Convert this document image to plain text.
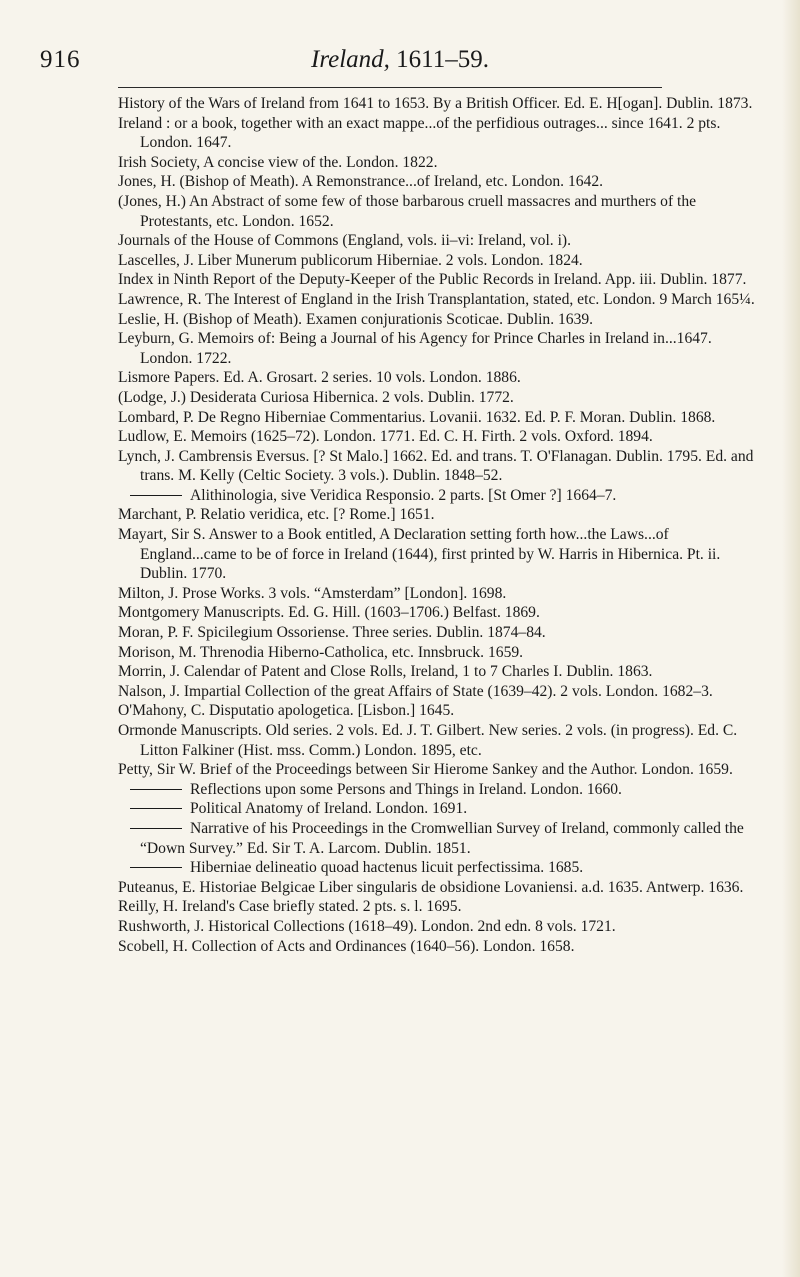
916	Ireland, 1611–59.

History of the Wars of Ireland from 1641 to 1653. By a British Officer. Ed. E. H[ogan]. Dublin. 1873.

Ireland : or a book, together with an exact mappe...of the perfidious outrages... since 1641. 2 pts. London. 1647.

Irish Society, A concise view of the. London. 1822.

Jones, H. (Bishop of Meath). A Remonstrance...of Ireland, etc. London. 1642.

(Jones, H.) An Abstract of some few of those barbarous cruell massacres and murthers of the Protestants, etc. London. 1652.

Journals of the House of Commons (England, vols. ii–vi: Ireland, vol. i).

Lascelles, J. Liber Munerum publicorum Hiberniae. 2 vols. London. 1824.

Index in Ninth Report of the Deputy-Keeper of the Public Records in Ireland. App. iii. Dublin. 1877.

Lawrence, R. The Interest of England in the Irish Transplantation, stated, etc. London. 9 March 165¼.

Leslie, H. (Bishop of Meath). Examen conjurationis Scoticae. Dublin. 1639.

Leyburn, G. Memoirs of: Being a Journal of his Agency for Prince Charles in Ireland in...1647. London. 1722.

Lismore Papers. Ed. A. Grosart. 2 series. 10 vols. London. 1886.

(Lodge, J.) Desiderata Curiosa Hibernica. 2 vols. Dublin. 1772.

Lombard, P. De Regno Hiberniae Commentarius. Lovanii. 1632. Ed. P. F. Moran. Dublin. 1868.

Ludlow, E. Memoirs (1625–72). London. 1771. Ed. C. H. Firth. 2 vols. Oxford. 1894.

Lynch, J. Cambrensis Eversus. [? St Malo.] 1662. Ed. and trans. T. O'Flanagan. Dublin. 1795. Ed. and trans. M. Kelly (Celtic Society. 3 vols.). Dublin. 1848–52.

Alithinologia, sive Veridica Responsio. 2 parts. [St Omer ?] 1664–7.

Marchant, P. Relatio veridica, etc. [? Rome.] 1651.

Mayart, Sir S. Answer to a Book entitled, A Declaration setting forth how...the Laws...of England...came to be of force in Ireland (1644), first printed by W. Harris in Hibernica. Pt. ii. Dublin. 1770.

Milton, J. Prose Works. 3 vols. “Amsterdam” [London]. 1698.

Montgomery Manuscripts. Ed. G. Hill. (1603–1706.) Belfast. 1869.

Moran, P. F. Spicilegium Ossoriense. Three series. Dublin. 1874–84.

Morison, M. Threnodia Hiberno-Catholica, etc. Innsbruck. 1659.

Morrin, J. Calendar of Patent and Close Rolls, Ireland, 1 to 7 Charles I. Dublin. 1863.

Nalson, J. Impartial Collection of the great Affairs of State (1639–42). 2 vols. London. 1682–3.

O'Mahony, C. Disputatio apologetica. [Lisbon.] 1645.

Ormonde Manuscripts. Old series. 2 vols. Ed. J. T. Gilbert. New series. 2 vols. (in progress). Ed. C. Litton Falkiner (Hist. mss. Comm.) London. 1895, etc.

Petty, Sir W. Brief of the Proceedings between Sir Hierome Sankey and the Author. London. 1659.

Reflections upon some Persons and Things in Ireland. London. 1660.

Political Anatomy of Ireland. London. 1691.

Narrative of his Proceedings in the Cromwellian Survey of Ireland, commonly called the “Down Survey.” Ed. Sir T. A. Larcom. Dublin. 1851.

Hiberniae delineatio quoad hactenus licuit perfectissima. 1685.

Puteanus, E. Historiae Belgicae Liber singularis de obsidione Lovaniensi. a.d. 1635. Antwerp. 1636.

Reilly, H. Ireland's Case briefly stated. 2 pts. s. l. 1695.

Rushworth, J. Historical Collections (1618–49). London. 2nd edn. 8 vols. 1721.

Scobell, H. Collection of Acts and Ordinances (1640–56). London. 1658.
